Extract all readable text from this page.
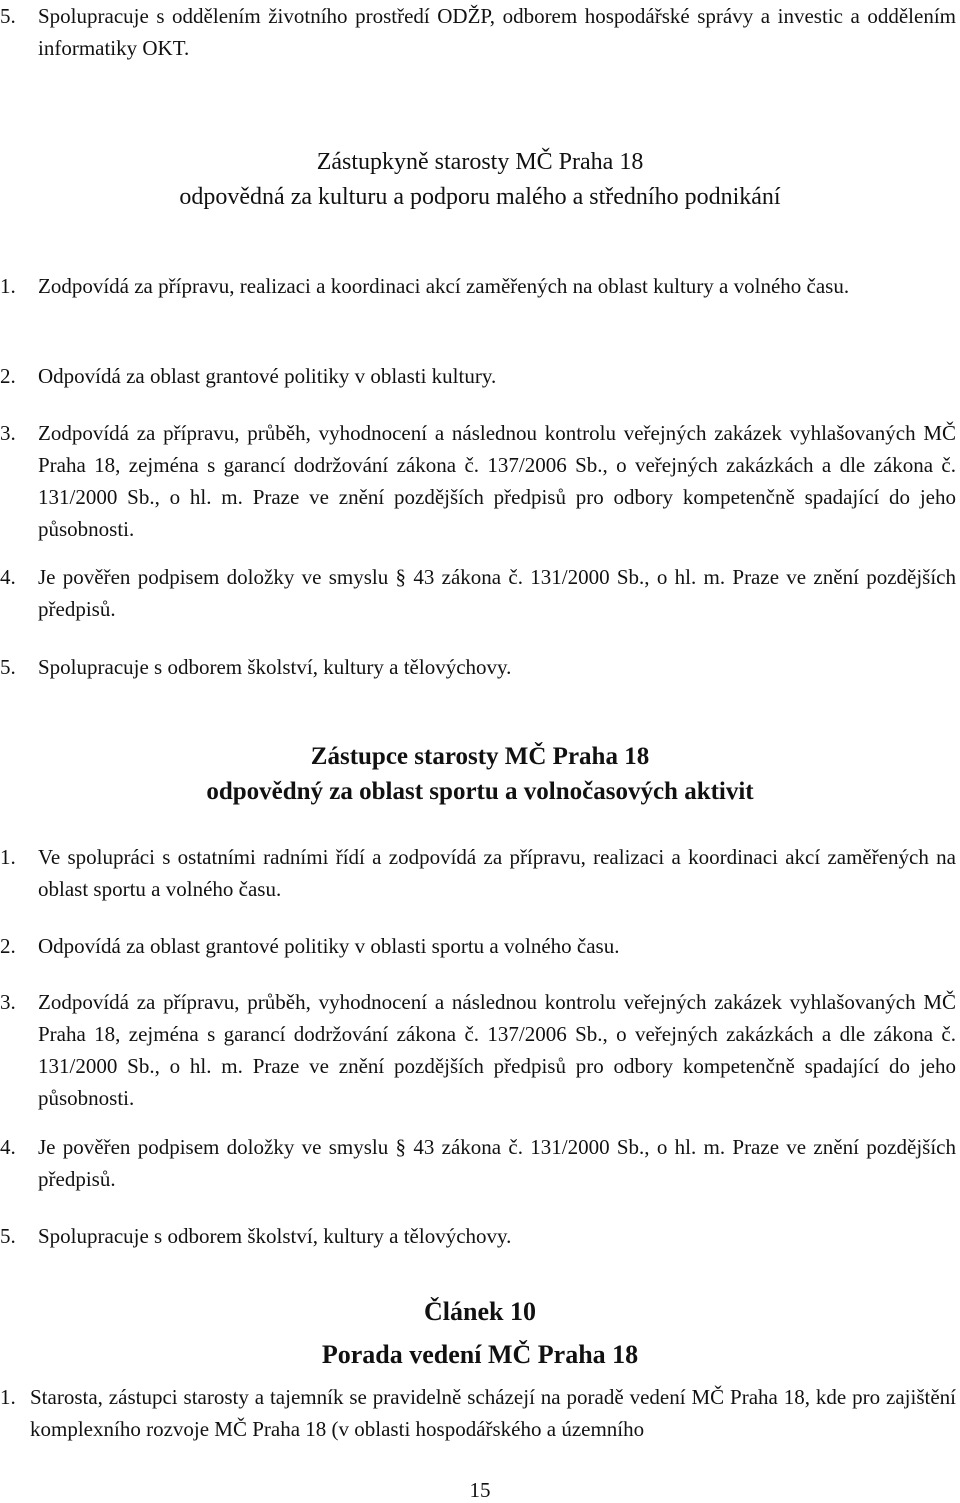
5. Spolupracuje s oddělením životního prostředí ODŽP, odborem hospodářské správy a investic a oddělením informatiky OKT.
Zástupkyně starosty MČ Praha 18
odpovědná za kulturu a podporu malého a středního podnikání
1. Zodpovídá za přípravu, realizaci a koordinaci akcí zaměřených na oblast kultury a volného času.
2. Odpovídá za oblast grantové politiky v oblasti kultury.
3. Zodpovídá za přípravu, průběh, vyhodnocení a následnou kontrolu veřejných zakázek vyhlašovaných MČ Praha 18, zejména s garancí dodržování zákona č. 137/2006 Sb., o veřejných zakázkách a dle zákona č. 131/2000 Sb., o hl. m. Praze ve znění pozdějších předpisů pro odbory kompetenčně spadající do jeho působnosti.
4. Je pověřen podpisem doložky ve smyslu § 43 zákona č. 131/2000 Sb., o hl. m. Praze ve znění pozdějších předpisů.
5. Spolupracuje s odborem školství, kultury a tělovýchovy.
Zástupce starosty MČ Praha 18
odpovědný za oblast sportu a volnočasových aktivit
1. Ve spolupráci s ostatními radními řídí a zodpovídá za přípravu, realizaci a koordinaci akcí zaměřených na oblast sportu a volného času.
2. Odpovídá za oblast grantové politiky v oblasti sportu a volného času.
3. Zodpovídá za přípravu, průběh, vyhodnocení a následnou kontrolu veřejných zakázek vyhlašovaných MČ Praha 18, zejména s garancí dodržování zákona č. 137/2006 Sb., o veřejných zakázkách a dle zákona č. 131/2000 Sb., o hl. m. Praze ve znění pozdějších předpisů pro odbory kompetenčně spadající do jeho působnosti.
4. Je pověřen podpisem doložky ve smyslu § 43 zákona č. 131/2000 Sb., o hl. m. Praze ve znění pozdějších předpisů.
5. Spolupracuje s odborem školství, kultury a tělovýchovy.
Článek 10
Porada vedení MČ Praha 18
1. Starosta, zástupci starosty a tajemník se pravidelně scházejí na poradě vedení MČ Praha 18, kde pro zajištění komplexního rozvoje MČ Praha 18 (v oblasti hospodářského a územního
15
